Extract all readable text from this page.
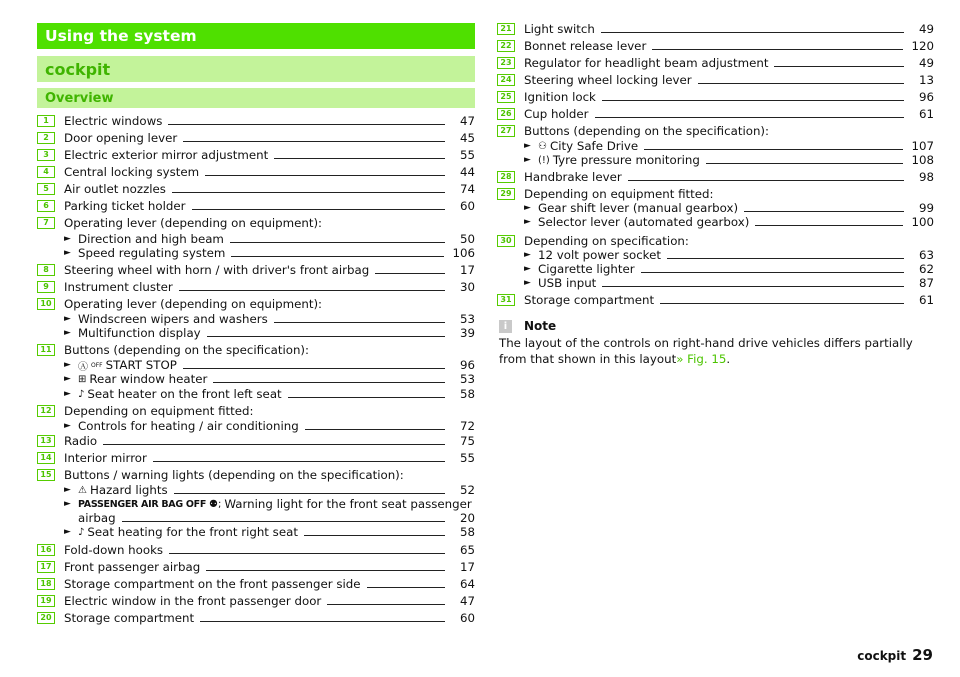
Using the system
cockpit
Overview
1	Electric windows	47
2	Door opening lever	45
3	Electric exterior mirror adjustment	55
4	Central locking system	44
5	Air outlet nozzles	74
6	Parking ticket holder	60
7	Operating lever (depending on equipment):
► Direction and high beam	50
► Speed regulating system	106
8	Steering wheel with horn / with driver's front airbag	17
9	Instrument cluster	30
10 Operating lever (depending on equipment):
► Windscreen wipers and washers	53
► Multifunction display	39
11 Buttons (depending on the specification):
► Ⓐ OFF START STOP	96
► ⊞ Rear window heater	53
► ♪ Seat heater on the front left seat	58
12 Depending on equipment fitted:
► Controls for heating / air conditioning	72
13 Radio	75
14 Interior mirror	55
15 Buttons / warning lights (depending on the specification):
► ⚠ Hazard lights	52
► PASSENGER AIR BAG OFF ⚉; Warning light for the front seat passenger
airbag	20
► ♪ Seat heating for the front right seat	58
16 Fold-down hooks	65
17 Front passenger airbag	17
18 Storage compartment on the front passenger side	64
19 Electric window in the front passenger door	47
20 Storage compartment	60
21 Light switch	49
22 Bonnet release lever	120
23 Regulator for headlight beam adjustment	49
24 Steering wheel locking lever	13
25 Ignition lock	96
26 Cup holder	61
27 Buttons (depending on the specification):
► ⚇ City Safe Drive	107
► (!) Tyre pressure monitoring	108
28 Handbrake lever	98
29 Depending on equipment fitted:
► Gear shift lever (manual gearbox)	99
► Selector lever (automated gearbox)	100
30 Depending on specification:
► 12 volt power socket	63
► Cigarette lighter	62
► USB input	87
31 Storage compartment	61
i	Note
The layout of the controls on right-hand drive vehicles differs partially from that shown in this layout» Fig. 15.
cockpit 29
